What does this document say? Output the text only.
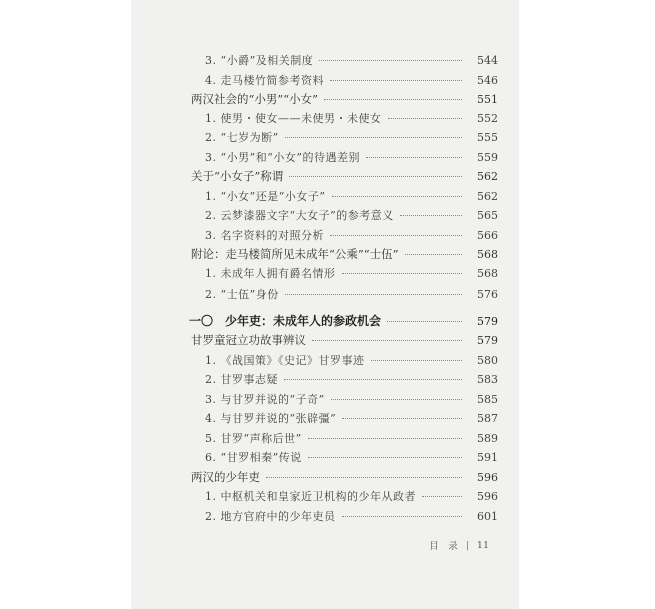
3. “小爵”及相关制度	544
4. 走马楼竹简参考资料	546
两汉社会的“小男”“小女”	551
1. 使男・使女——未使男・未使女	552
2. “七岁为断”	555
3. “小男”和“小女”的待遇差别	559
关于“小女子”称谓	562
1. “小女”还是“小女子”	562
2. 云梦漆器文字“大女子”的参考意义	565
3. 名字资料的对照分析	566
附论：走马楼简所见未成年“公乘”“士伍”	568
1. 未成年人拥有爵名情形	568
2. “士伍”身份	576
一〇　少年吏：未成年人的参政机会	579
甘罗童冠立功故事辨议	579
1. 《战国策》《史记》甘罗事迹	580
2. 甘罗事志疑	583
3. 与甘罗并说的“子奇”	585
4. 与甘罗并说的“张辟彊”	587
5. 甘罗“声称后世”	589
6. “甘罗相秦”传说	591
两汉的少年吏	596
1. 中枢机关和皇家近卫机构的少年从政者	596
2. 地方官府中的少年吏员	601
目　录 | 11
